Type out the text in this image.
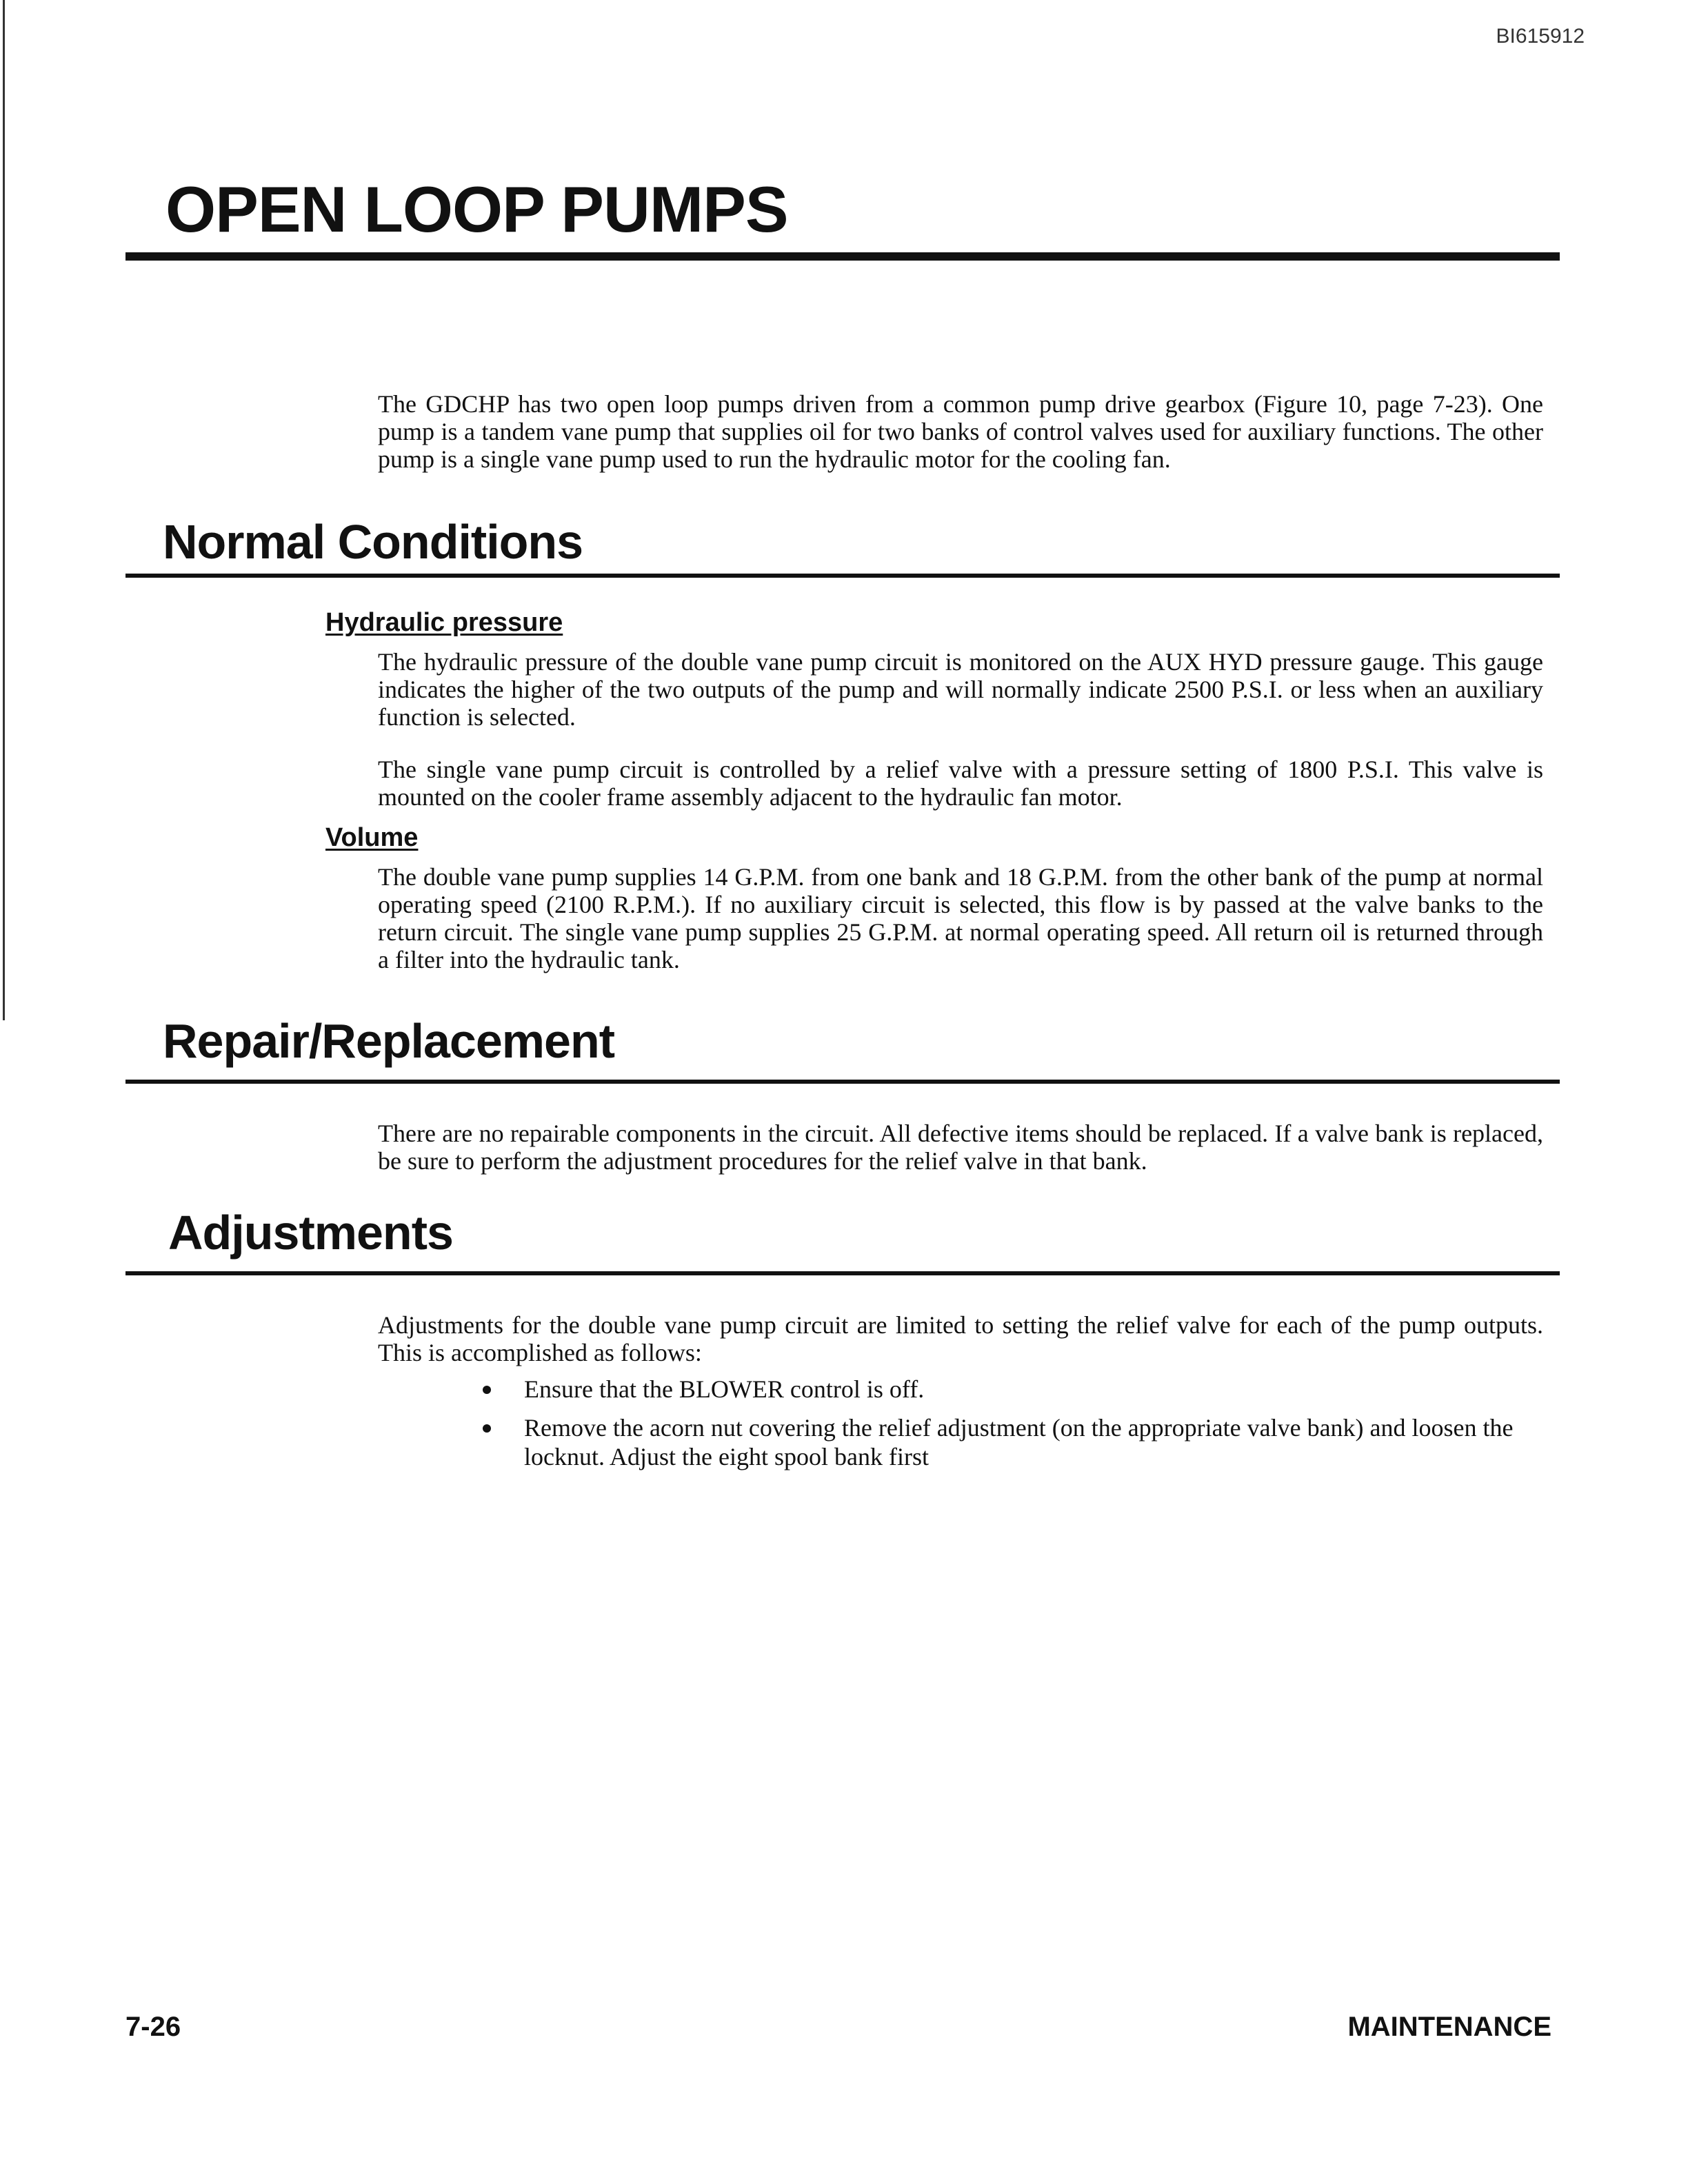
BI615912
OPEN LOOP PUMPS

The GDCHP has two open loop pumps driven from a common pump drive gearbox (Figure 10, page 7-23). One pump is a tandem vane pump that supplies oil for two banks of control valves used for auxiliary functions. The other pump is a single vane pump used to run the hydraulic motor for the cooling fan.

Normal Conditions
Hydraulic pressure

The hydraulic pressure of the double vane pump circuit is monitored on the AUX HYD pressure gauge. This gauge indicates the higher of the two outputs of the pump and will normally indicate 2500 P.S.I. or less when an auxiliary function is selected.

The single vane pump circuit is controlled by a relief valve with a pressure setting of 1800 P.S.I. This valve is mounted on the cooler frame assembly adjacent to the hydraulic fan motor.

Volume

The double vane pump supplies 14 G.P.M. from one bank and 18 G.P.M. from the other bank of the pump at normal operating speed (2100 R.P.M.). If no auxiliary circuit is selected, this flow is by passed at the valve banks to the return circuit. The single vane pump supplies 25 G.P.M. at normal operating speed. All return oil is returned through a filter into the hydraulic tank.

Repair/Replacement

There are no repairable components in the circuit. All defective items should be replaced. If a valve bank is replaced, be sure to perform the adjustment procedures for the relief valve in that bank.

Adjustments

Adjustments for the double vane pump circuit are limited to setting the relief valve for each of the pump outputs. This is accomplished as follows:

Ensure that the BLOWER control is off.
Remove the acorn nut covering the relief adjustment (on the appropriate valve bank) and loosen the locknut. Adjust the eight spool bank first
7-26	MAINTENANCE
